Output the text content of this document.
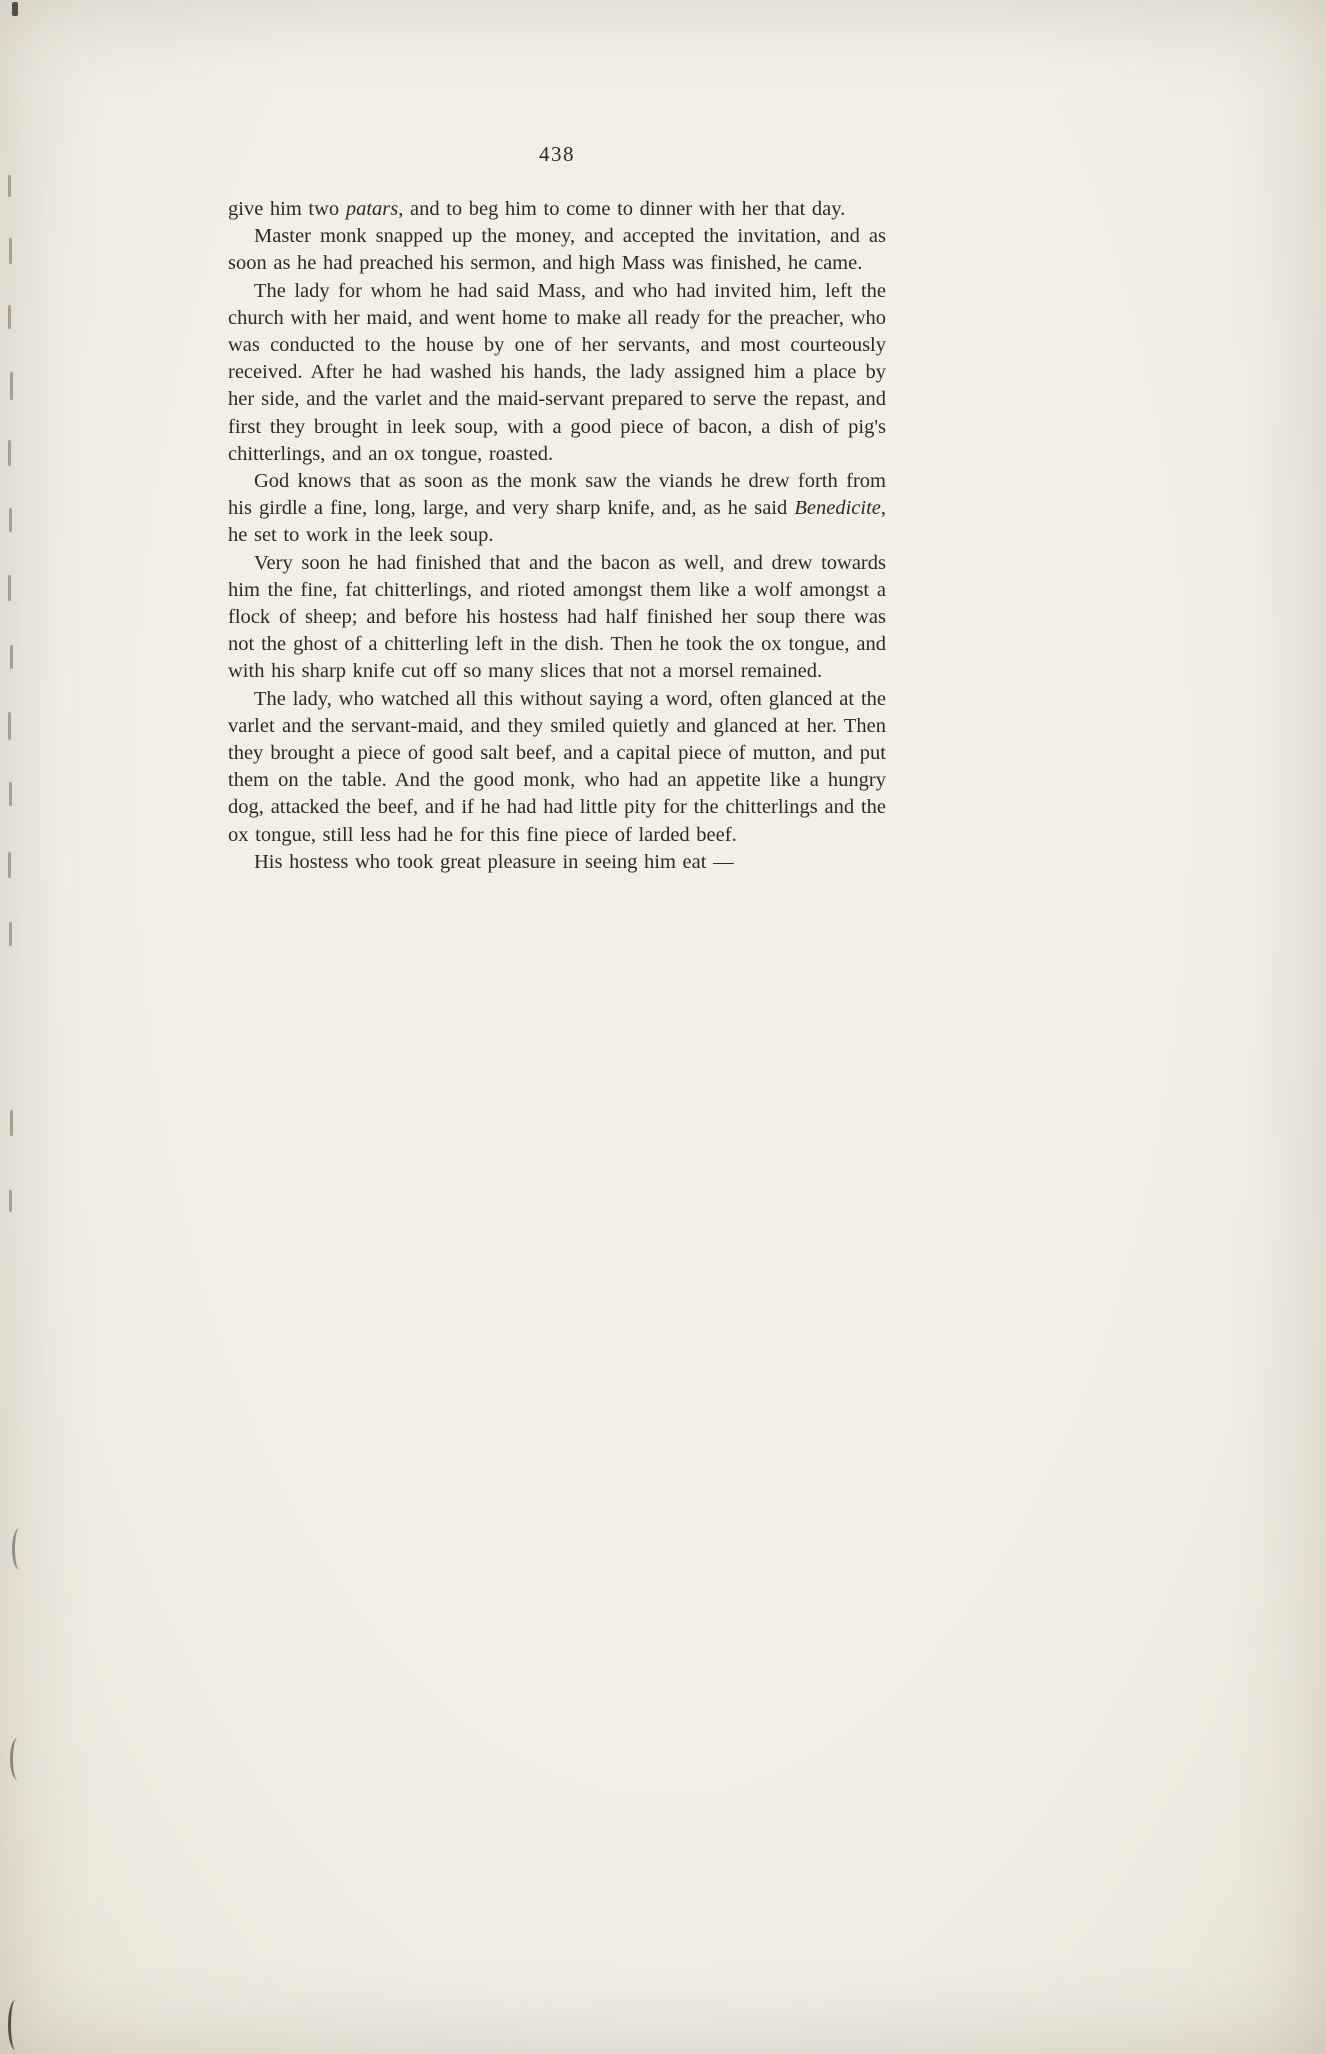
438

give him two patars, and to beg him to come to dinner with her that day.

Master monk snapped up the money, and accepted the invitation, and as soon as he had preached his sermon, and high Mass was finished, he came.

The lady for whom he had said Mass, and who had invited him, left the church with her maid, and went home to make all ready for the preacher, who was conducted to the house by one of her servants, and most courteously received. After he had washed his hands, the lady assigned him a place by her side, and the varlet and the maid-servant prepared to serve the repast, and first they brought in leek soup, with a good piece of bacon, a dish of pig's chitterlings, and an ox tongue, roasted.

God knows that as soon as the monk saw the viands he drew forth from his girdle a fine, long, large, and very sharp knife, and, as he said Benedicite, he set to work in the leek soup.

Very soon he had finished that and the bacon as well, and drew towards him the fine, fat chitterlings, and rioted amongst them like a wolf amongst a flock of sheep; and before his hostess had half finished her soup there was not the ghost of a chitterling left in the dish. Then he took the ox tongue, and with his sharp knife cut off so many slices that not a morsel remained.

The lady, who watched all this without saying a word, often glanced at the varlet and the servant-maid, and they smiled quietly and glanced at her. Then they brought a piece of good salt beef, and a capital piece of mutton, and put them on the table. And the good monk, who had an appetite like a hungry dog, attacked the beef, and if he had had little pity for the chitterlings and the ox tongue, still less had he for this fine piece of larded beef.

His hostess who took great pleasure in seeing him eat —
